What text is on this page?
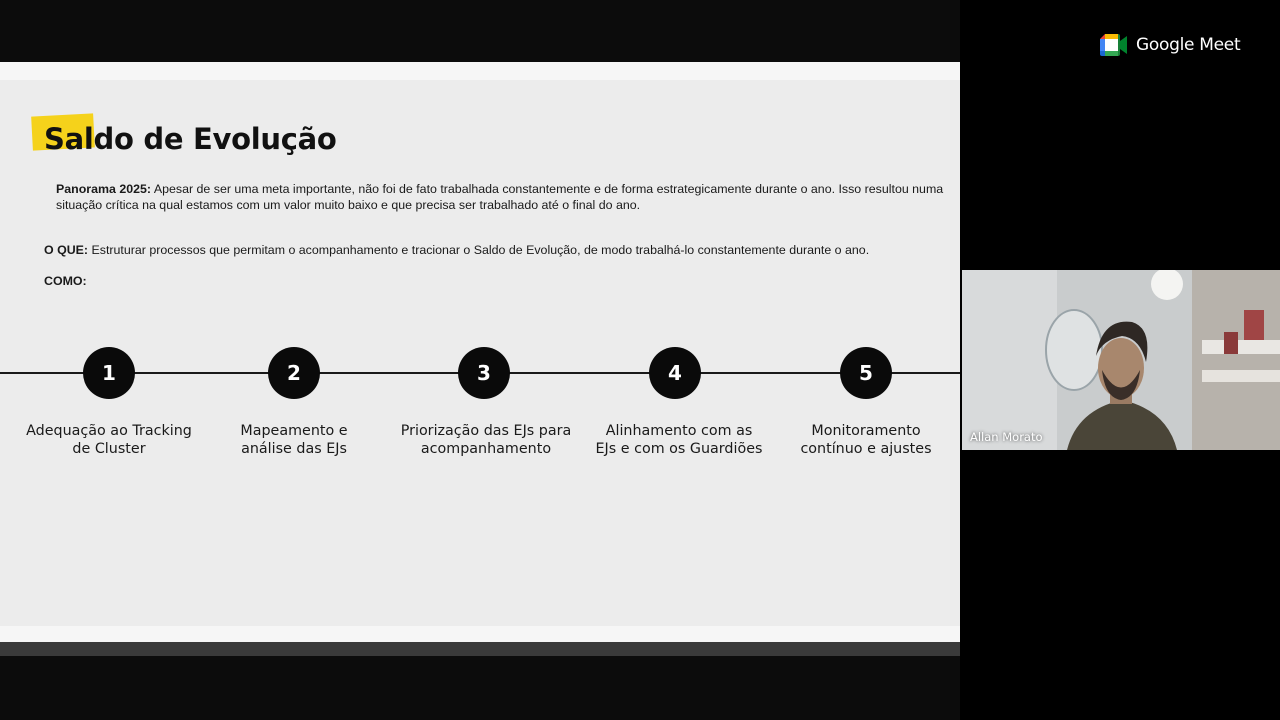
Saldo de Evolução
Panorama 2025: Apesar de ser uma meta importante, não foi de fato trabalhada constantemente e de forma estrategicamente durante o ano. Isso resultou numa situação crítica na qual estamos com um valor muito baixo e que precisa ser trabalhado até o final do ano.
O QUE: Estruturar processos que permitam o acompanhamento e tracionar o Saldo de Evolução, de modo trabalhá-lo constantemente durante o ano.
COMO:
1	2	3	4	5
Adequação ao Tracking de Cluster
Mapeamento e análise das EJs
Priorização das EJs para acompanhamento
Alinhamento com as EJs e com os Guardiões
Monitoramento contínuo e ajustes
Google Meet
Allan Morato
